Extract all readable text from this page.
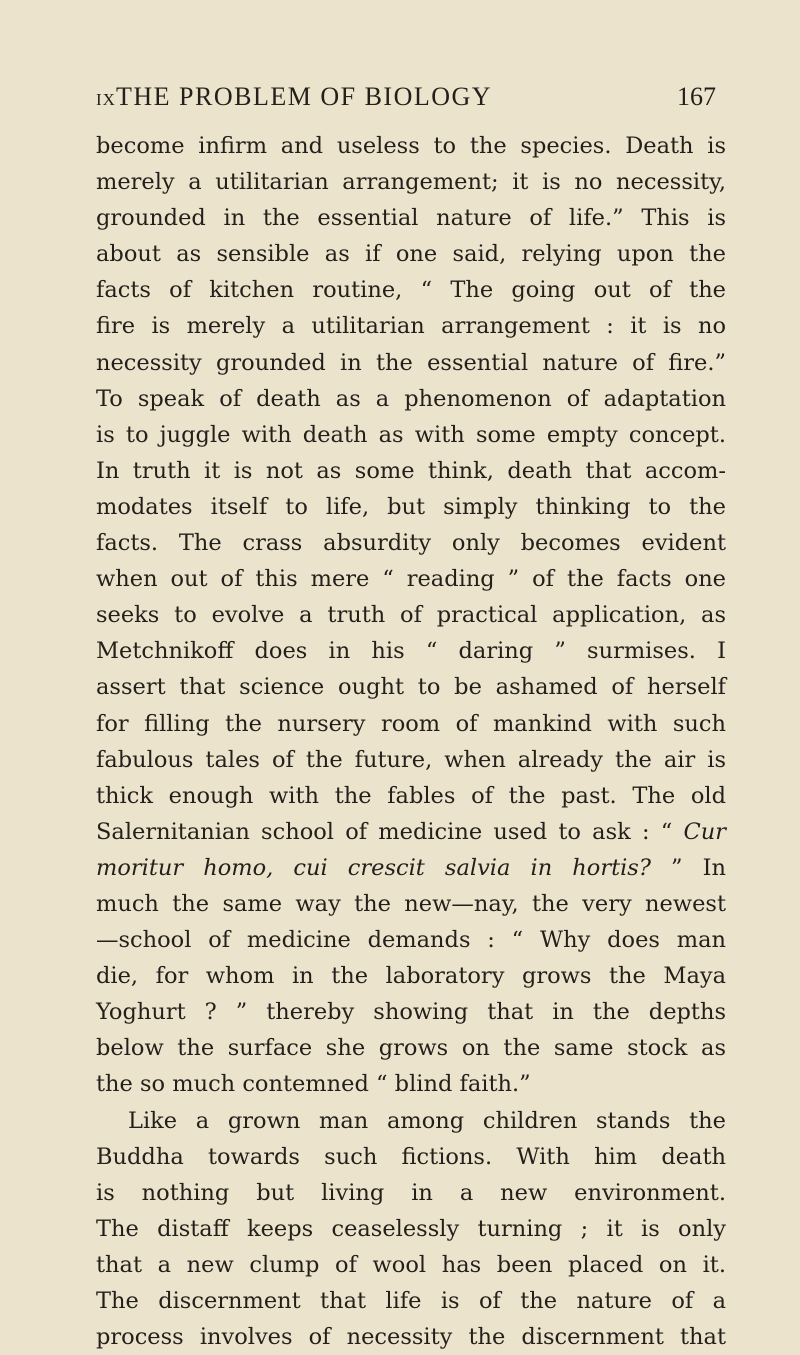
IX THE PROBLEM OF BIOLOGY	167
become infirm and useless to the species. Death is
merely a utilitarian arrangement; it is no necessity,
grounded in the essential nature of life.” This is
about as sensible as if one said, relying upon the
facts of kitchen routine, “ The going out of the
fire is merely a utilitarian arrangement : it is no
necessity grounded in the essential nature of fire.”
To speak of death as a phenomenon of adaptation
is to juggle with death as with some empty concept.
In truth it is not as some think, death that accom-
modates itself to life, but simply thinking to the
facts. The crass absurdity only becomes evident
when out of this mere “ reading ” of the facts one
seeks to evolve a truth of practical application, as
Metchnikoff does in his “ daring ” surmises. I
assert that science ought to be ashamed of herself
for filling the nursery room of mankind with such
fabulous tales of the future, when already the air is
thick enough with the fables of the past. The old
Salernitanian school of medicine used to ask : “ Cur
moritur homo, cui crescit salvia in hortis? ” In
much the same way the new—nay, the very newest
—school of medicine demands : “ Why does man
die, for whom in the laboratory grows the Maya
Yoghurt ? ” thereby showing that in the depths
below the surface she grows on the same stock as
the so much contemned “ blind faith.”
Like a grown man among children stands the
Buddha towards such fictions. With him death
is nothing but living in a new environment.
The distaff keeps ceaselessly turning ; it is only
that a new clump of wool has been placed on it.
The discernment that life is of the nature of a
process involves of necessity the discernment that
